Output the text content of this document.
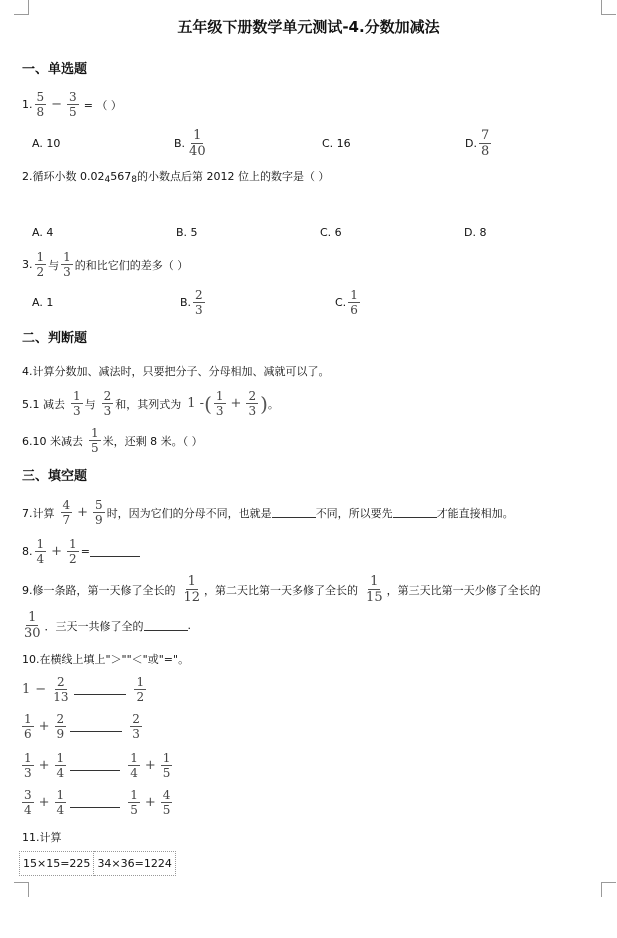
五年级下册数学单元测试-4.分数加减法
一、单选题
1. $\frac{5}{8} - \frac{3}{5}$ = （ ）
A. 10	B. $\frac{1}{40}$	C. 16	D. $\frac{7}{8}$
2.循环小数 0.02 4 567 8 的小数点后第 2012 位上的数字是（ ）
A. 4	B. 5	C. 6	D. 8
3. $\frac{1}{2}$ 与 $\frac{1}{3}$ 的和比它们的差多（ ）
A. 1	B. $\frac{2}{3}$	C. $\frac{1}{6}$
二、判断题
4.计算分数加、减法时，只要把分子、分母相加、减就可以了。
5.1 减去 $\frac{1}{3}$ 与 $\frac{2}{3}$ 和，其列式为 1 - ( $\frac{1}{3} + \frac{2}{3}$ ) 。
6.10 米减去 $\frac{1}{5}$ 米，还剩 8 米。（ ）
三、填空题
7.计算 $\frac{4}{7} + \frac{5}{9}$ 时，因为它们的分母不同，也就是	不同，所以要先	才能直接相加。
8. $\frac{1}{4} + \frac{1}{2}$ =
9.修一条路，第一天修了全长的 $\frac{1}{12}$ ，第二天比第一天多修了全长的 $\frac{1}{15}$ ，第三天比第一天少修了全长的
$\frac{1}{30}$ ．三天一共修了全的	.
10.在横线上填上"＞""＜"或"="。
$1 - \frac{2}{13}$	$\frac{1}{2}$
$\frac{1}{6} + \frac{2}{9}$	$\frac{2}{3}$
$\frac{1}{3} + \frac{1}{4}$	$\frac{1}{4} + \frac{1}{5}$
$\frac{3}{4} + \frac{1}{4}$	$\frac{1}{5} + \frac{4}{5}$
11.计算
15×15=225	34×36=1224
